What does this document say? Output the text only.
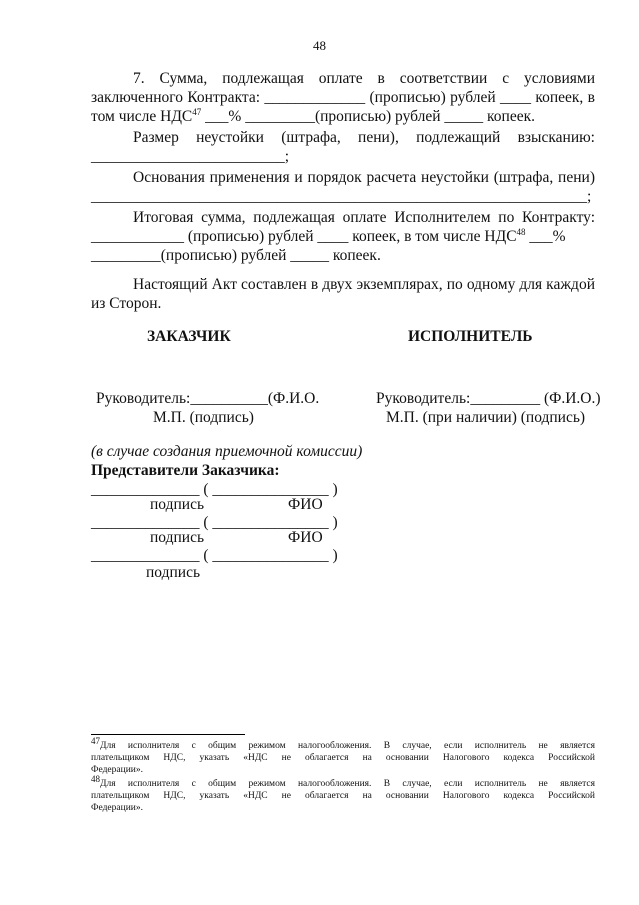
48
7. Сумма, подлежащая оплате в соответствии с условиями
заключенного Контракта: _____________ (прописью) рублей ____ копеек, в
том числе НДС$^{47}$ ___% _________(прописью) рублей _____ копеек.
Размер неустойки (штрафа, пени), подлежащий взысканию:
_________________________;
Основания применения и порядок расчета неустойки (штрафа, пени)
________________________________________________________________;
Итоговая сумма, подлежащая оплате Исполнителем по Контракту:
____________ (прописью) рублей ____ копеек, в том числе НДС$^{48}$ ___%
_________(прописью) рублей _____ копеек.
Настоящий Акт составлен в двух экземплярах, по одному для каждой
из Сторон.
ЗАКАЗЧИК	ИСПОЛНИТЕЛЬ
Руководитель:__________(Ф.И.О.
М.П. (подпись)
Руководитель:_________ (Ф.И.О.)
М.П. (при наличии) (подпись)
(в случае создания приемочной комиссии)
Представители Заказчика:
______________ ( _______________ )
подпись	ФИО
______________ ( _______________ )
подпись	ФИО
______________ ( _______________ )
подпись
$^{47}$Для исполнителя с общим режимом налогообложения. В случае, если исполнитель не является
плательщиком НДС, указать «НДС не облагается на основании Налогового кодекса Российской
Федерации».
$^{48}$Для исполнителя с общим режимом налогообложения. В случае, если исполнитель не является
плательщиком НДС, указать «НДС не облагается на основании Налогового кодекса Российской
Федерации».
